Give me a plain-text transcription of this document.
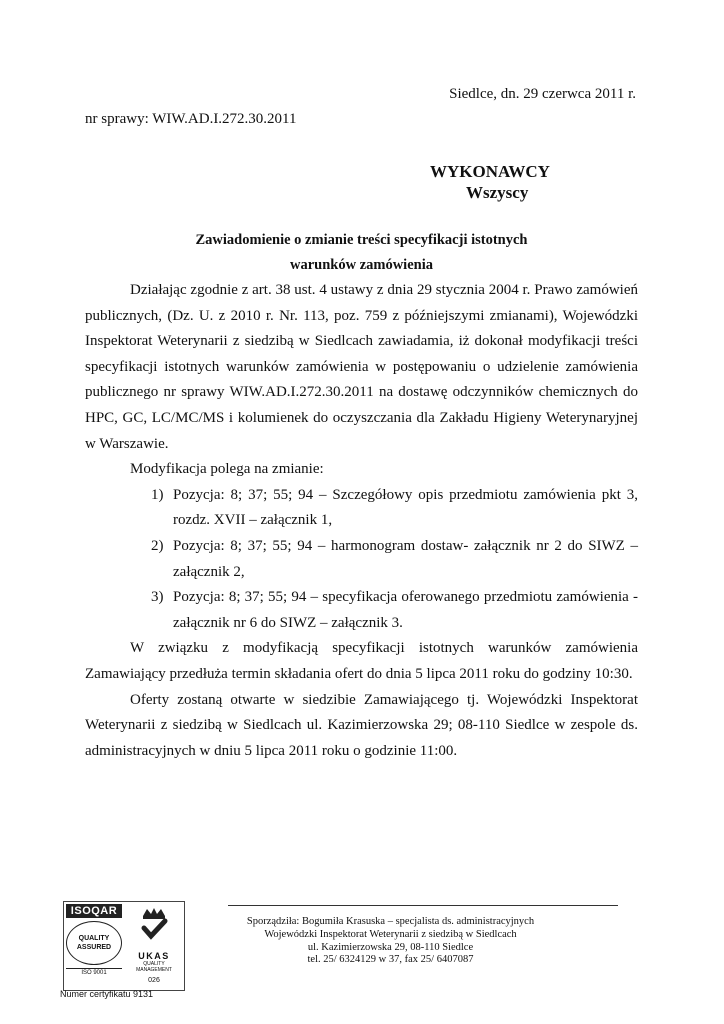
Siedlce, dn. 29 czerwca 2011 r.
nr sprawy: WIW.AD.I.272.30.2011
WYKONAWCY
Wszyscy
Zawiadomienie o zmianie treści specyfikacji istotnych
warunków zamówienia

Działając zgodnie z art. 38 ust. 4 ustawy z dnia 29 stycznia 2004 r. Prawo zamówień publicznych, (Dz. U. z 2010 r. Nr. 113, poz. 759 z późniejszymi zmianami), Wojewódzki Inspektorat Weterynarii z siedzibą w Siedlcach zawiadamia, iż dokonał modyfikacji treści specyfikacji istotnych warunków zamówienia w postępowaniu o udzielenie zamówienia publicznego nr sprawy WIW.AD.I.272.30.2011 na dostawę odczynników chemicznych do HPC, GC, LC/MC/MS i kolumienek do oczyszczania dla Zakładu Higieny Weterynaryjnej w Warszawie.

Modyfikacja polega na zmianie:

1) Pozycja: 8; 37; 55; 94 – Szczegółowy opis przedmiotu zamówienia pkt 3, rozdz. XVII – załącznik 1,
2) Pozycja: 8; 37; 55; 94 – harmonogram dostaw- załącznik nr 2 do SIWZ – załącznik 2,
3) Pozycja: 8; 37; 55; 94 – specyfikacja oferowanego przedmiotu zamówienia - załącznik nr 6 do SIWZ – załącznik 3.

W związku z modyfikacją specyfikacji istotnych warunków zamówienia Zamawiający przedłuża termin składania ofert do dnia 5 lipca 2011 roku do godziny 10:30.

Oferty zostaną otwarte w siedzibie Zamawiającego tj. Wojewódzki Inspektorat Weterynarii z siedzibą w Siedlcach ul. Kazimierzowska 29; 08-110 Siedlce w zespole ds. administracyjnych w dniu 5 lipca 2011 roku o godzinie 11:00.

ISOQAR
QUALITY
ASSURED
ISO 9001
UKAS
QUALITY
MANAGEMENT
026
Sporządziła: Bogumiła Krasuska – specjalista ds. administracyjnych
Wojewódzki Inspektorat Weterynarii z siedzibą w Siedlcach
ul. Kazimierzowska 29, 08-110 Siedlce
tel. 25/ 6324129 w 37, fax 25/ 6407087
Numer certyfikatu 9131
